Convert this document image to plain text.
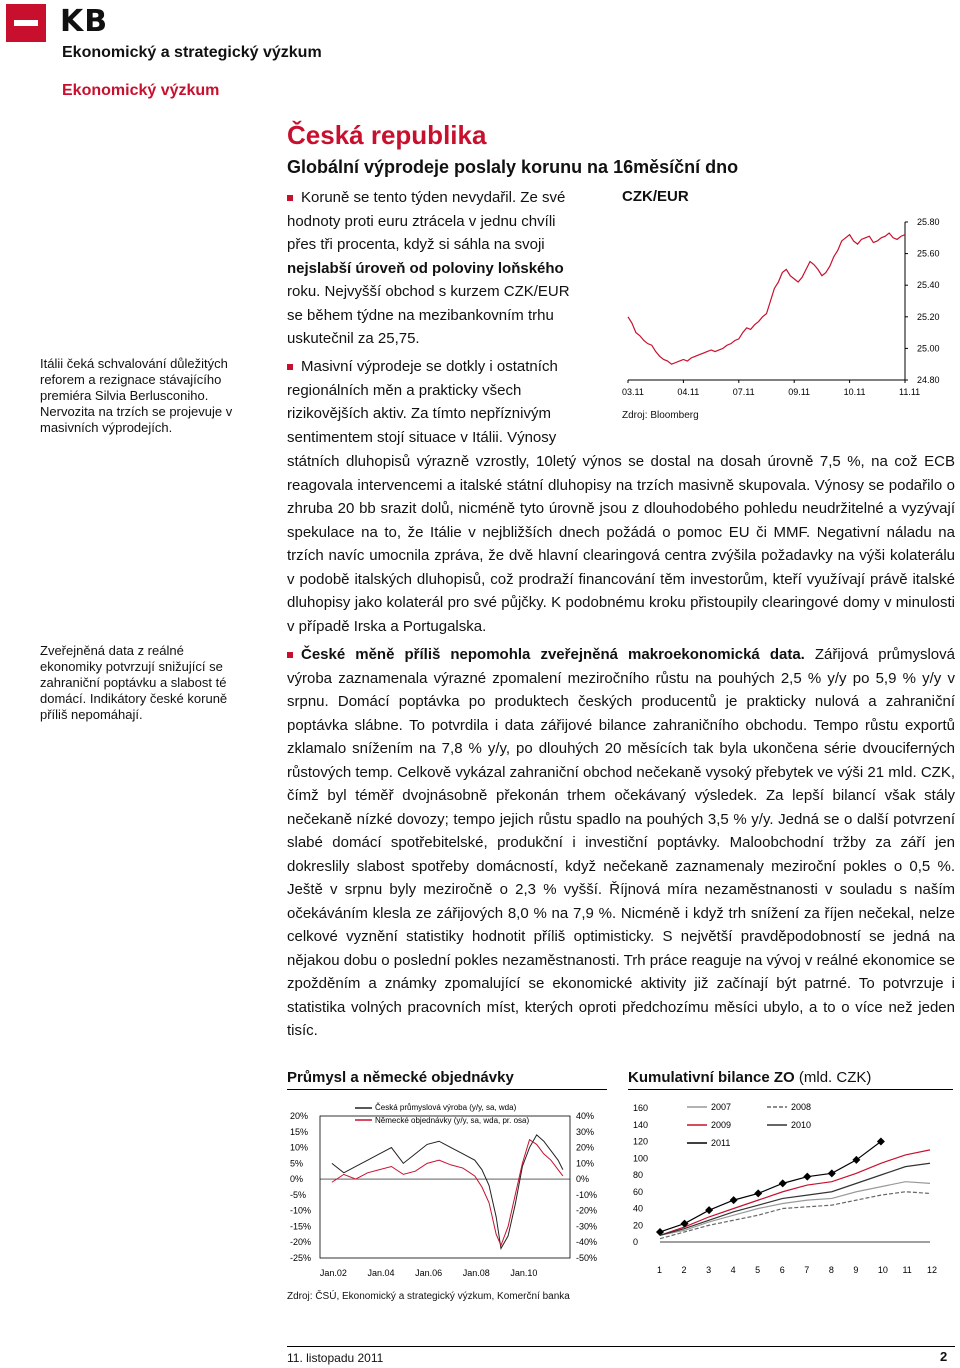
KB
Ekonomický a strategický výzkum
Ekonomický výzkum
Česká republika
Globální výprodeje poslaly korunu na 16měsíční dno
Itálii čeká schvalování důležitých reforem a rezignace stávajícího premiéra Silvia Berlusconiho. Nervozita na trzích se projevuje v masivních výprodejích.
Zveřejněná data z reálné ekonomiky potvrzují snižující se zahraniční poptávku a slabost té domácí. Indikátory české koruně příliš nepomáhají.
Koruně se tento týden nevydařil. Ze své
hodnoty proti euru ztrácela v jednu chvíli
přes tři procenta, když si sáhla na svoji
nejslabší úroveň od poloviny loňského
roku. Nejvyšší obchod s kurzem CZK/EUR
se během týdne na mezibankovním trhu
uskutečnil za 25,75.
Masivní výprodeje se dotkly i ostatních
regionálních měn a prakticky všech
rizikovějších aktiv. Za tímto nepříznivým
sentimentem stojí situace v Itálii. Výnosy
státních dluhopisů výrazně vzrostly, 10letý výnos se dostal na dosah úrovně 7,5 %, na což ECB reagovala intervencemi a italské státní dluhopisy na trzích masivně skupovala. Výnosy se podařilo o zhruba 20 bb srazit dolů, nicméně tyto úrovně jsou z dlouhodobého pohledu neudržitelné a vyzývají spekulace na to, že Itálie v nejbližších dnech požádá o pomoc EU či MMF. Negativní náladu na trzích navíc umocnila zpráva, že dvě hlavní clearingová centra zvýšila požadavky na výši kolaterálu v podobě italských dluhopisů, což prodraží financování těm investorům, kteří využívají právě italské dluhopisy jako kolaterál pro své půjčky. K podobnému kroku přistoupily clearingové domy v minulosti v případě Irska a Portugalska.
České měně příliš nepomohla zveřejněná makroekonomická data. Zářijová průmyslová výroba zaznamenala výrazné zpomalení meziročního růstu na pouhých 2,5 % y/y po 5,9 % y/y v srpnu. Domácí poptávka po produktech českých producentů je prakticky nulová a zahraniční poptávka slábne. To potvrdila i data zářijové bilance zahraničního obchodu. Tempo růstu exportů zklamalo snížením na 7,8 % y/y, po dlouhých 20 měsících tak byla ukončena série dvouciferných růstových temp. Celkově vykázal zahraniční obchod nečekaně vysoký přebytek ve výši 21 mld. CZK, čímž byl téměř dvojnásobně překonán trhem očekávaný výsledek. Za lepší bilancí však stály nečekaně nízké dovozy; tempo jejich růstu spadlo na pouhých 3,5 % y/y. Jedná se o další potvrzení slabé domácí spotřebitelské, produkční i investiční poptávky. Maloobchodní tržby za září jen dokreslily slabost spotřeby domácností, když nečekaně zaznamenaly meziroční pokles o 0,5 %. Ještě v srpnu byly meziročně o 2,3 % vyšší. Říjnová míra nezaměstnanosti v souladu s naším očekáváním klesla ze zářijových 8,0 % na 7,9 %. Nicméně i když trh snížení za říjen nečekal, nelze celkové vyznění statistiky hodnotit příliš optimisticky. S největší pravděpodobností se jedná na nějakou dobu o poslední pokles nezaměstnanosti. Trh práce reaguje na vývoj v reálné ekonomice se zpožděním a známky zpomalující se ekonomické aktivity již začínají být patrné. To potvrzuje i statistika volných pracovních míst, kterých oproti předchozímu měsíci ubylo, a to o více než jeden tisíc.
CZK/EUR
25.80
25.60
25.40
25.20
25.00
24.80
03.11	04.11	07.11	09.11	10.11	11.11
Zdroj: Bloomberg
Průmysl a německé objednávky
20%
15%
10%
5%
0%
-5%
-10%
-15%
-20%
-25%
40%
30%
20%
10%
0%
-10%
-20%
-30%
-40%
-50%
Jan.02 Jan.04 Jan.06 Jan.08 Jan.10
Česká průmyslová výroba (y/y, sa, wda)
Německé objednávky (y/y, sa, wda, pr. osa)
Zdroj: ČSÚ, Ekonomický a strategický výzkum, Komerční banka
Kumulativní bilance ZO (mld. CZK)
160
140
120
100
80
60
40
20
0
1 2 3 4 5 6 7 8 9 10 11 12
2007	2008
2009	2010
2011
11. listopadu 2011	2
